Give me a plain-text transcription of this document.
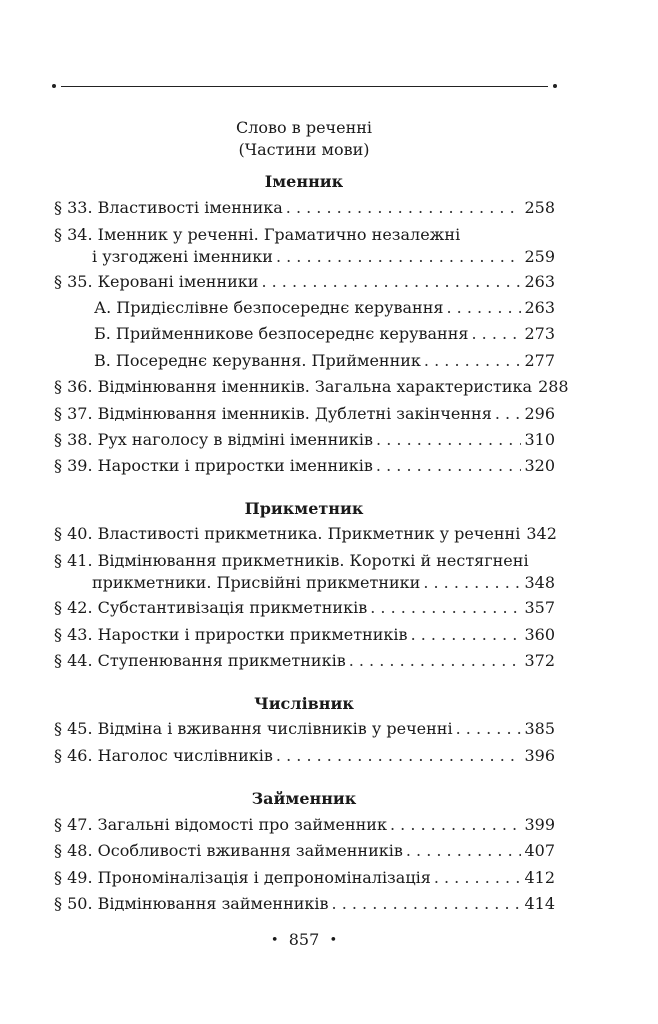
Слово в реченні
(Частини мови)
Іменник
§ 33. Властивості іменника . . .	258
§ 34. Іменник у реченні. Граматично незалежні
і узгоджені іменники . . .	259
§ 35. Керовані іменники . . .	263
А. Придієслівне безпосереднє керування . . .	263
Б. Прийменникове безпосереднє керування . . .	273
В. Посереднє керування. Прийменник . . .	277
§ 36. Відмінювання іменників. Загальна характеристика 288
§ 37. Відмінювання іменників. Дублетні закінчення . . . 296
§ 38. Рух наголосу в відміні іменників . . .	310
§ 39. Наростки і приростки іменників . . .	320
Прикметник
§ 40. Властивості прикметника. Прикметник у реченні 342
§ 41. Відмінювання прикметників. Короткі й нестягнені
прикметники. Присвійні прикметники . . .	348
§ 42. Субстантивізація прикметників . . .	357
§ 43. Наростки і приростки прикметників . . .	360
§ 44. Ступенювання прикметників . . .	372
Числівник
§ 45. Відміна і вживання числівників у реченні . . .	385
§ 46. Наголос числівників . . .	396
Займенник
§ 47. Загальні відомості про займенник . . .	399
§ 48. Особливості вживання займенників . . .	407
§ 49. Прономіналізація і депрономіналізація . . .	412
§ 50. Відмінювання займенників . . .	414
• 857 •
